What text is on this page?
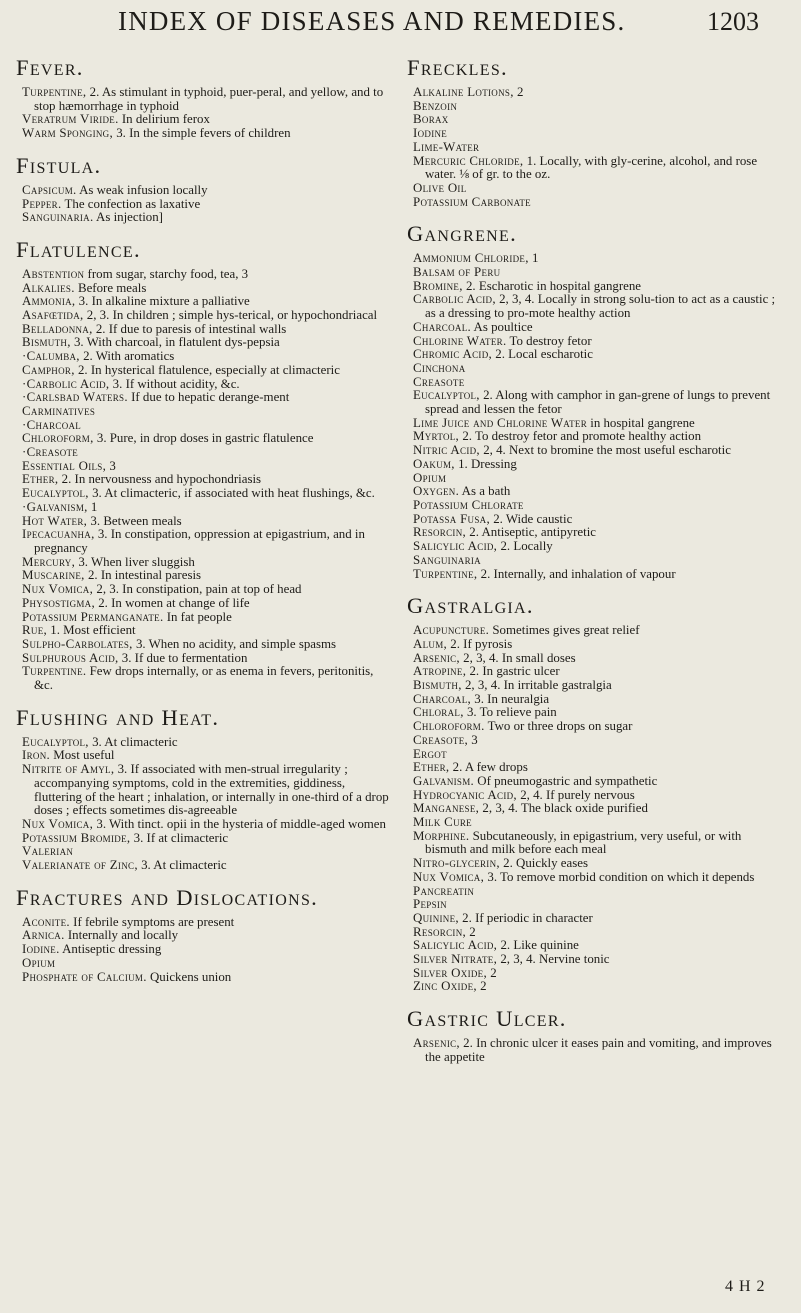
INDEX OF DISEASES AND REMEDIES.	1203
Fever.
Turpentine, 2. As stimulant in typhoid, puer-peral, and yellow, and to stop hæmorrhage in typhoid
Veratrum Viride. In delirium ferox
Warm Sponging, 3. In the simple fevers of children
Fistula.
Capsicum. As weak infusion locally
Pepper. The confection as laxative
Sanguinaria. As injection]
Flatulence.
Abstention from sugar, starchy food, tea, 3
Alkalies. Before meals
Ammonia, 3. In alkaline mixture a palliative
Asafœtida, 2, 3. In children ; simple hys-terical, or hypochondriacal
Belladonna, 2. If due to paresis of intestinal walls
Bismuth, 3. With charcoal, in flatulent dys-pepsia
·Calumba, 2. With aromatics
Camphor, 2. In hysterical flatulence, especially at climacteric
·Carbolic Acid, 3. If without acidity, &c.
·Carlsbad Waters. If due to hepatic derange-ment
Carminatives
·Charcoal
Chloroform, 3. Pure, in drop doses in gastric flatulence
·Creasote
Essential Oils, 3
Ether, 2. In nervousness and hypochondriasis
Eucalyptol, 3. At climacteric, if associated with heat flushings, &c.
·Galvanism, 1
Hot Water, 3. Between meals
Ipecacuanha, 3. In constipation, oppression at epigastrium, and in pregnancy
Mercury, 3. When liver sluggish
Muscarine, 2. In intestinal paresis
Nux Vomica, 2, 3. In constipation, pain at top of head
Physostigma, 2. In women at change of life
Potassium Permanganate. In fat people
Rue, 1. Most efficient
Sulpho-Carbolates, 3. When no acidity, and simple spasms
Sulphurous Acid, 3. If due to fermentation
Turpentine. Few drops internally, or as enema in fevers, peritonitis, &c.
Flushing and Heat.
Eucalyptol, 3. At climacteric
Iron. Most useful
Nitrite of Amyl, 3. If associated with men-strual irregularity ; accompanying symptoms, cold in the extremities, giddiness, fluttering of the heart ; inhalation, or internally in one-third of a drop doses ; effects sometimes dis-agreeable
Nux Vomica, 3. With tinct. opii in the hysteria of middle-aged women
Potassium Bromide, 3. If at climacteric
Valerian
Valerianate of Zinc, 3. At climacteric
Fractures and Dislocations.
Aconite. If febrile symptoms are present
Arnica. Internally and locally
Iodine. Antiseptic dressing
Opium
Phosphate of Calcium. Quickens union
Freckles.
Alkaline Lotions, 2
Benzoin
Borax
Iodine
Lime-Water
Mercuric Chloride, 1. Locally, with gly-cerine, alcohol, and rose water. ⅛ of gr. to the oz.
Olive Oil
Potassium Carbonate
Gangrene.
Ammonium Chloride, 1
Balsam of Peru
Bromine, 2. Escharotic in hospital gangrene
Carbolic Acid, 2, 3, 4. Locally in strong solu-tion to act as a caustic ; as a dressing to pro-mote healthy action
Charcoal. As poultice
Chlorine Water. To destroy fetor
Chromic Acid, 2. Local escharotic
Cinchona
Creasote
Eucalyptol, 2. Along with camphor in gan-grene of lungs to prevent spread and lessen the fetor
Lime Juice and Chlorine Water in hospital gangrene
Myrtol, 2. To destroy fetor and promote healthy action
Nitric Acid, 2, 4. Next to bromine the most useful escharotic
Oakum, 1. Dressing
Opium
Oxygen. As a bath
Potassium Chlorate
Potassa Fusa, 2. Wide caustic
Resorcin, 2. Antiseptic, antipyretic
Salicylic Acid, 2. Locally
Sanguinaria
Turpentine, 2. Internally, and inhalation of vapour
Gastralgia.
Acupuncture. Sometimes gives great relief
Alum, 2. If pyrosis
Arsenic, 2, 3, 4. In small doses
Atropine, 2. In gastric ulcer
Bismuth, 2, 3, 4. In irritable gastralgia
Charcoal, 3. In neuralgia
Chloral, 3. To relieve pain
Chloroform. Two or three drops on sugar
Creasote, 3
Ergot
Ether, 2. A few drops
Galvanism. Of pneumogastric and sympathetic
Hydrocyanic Acid, 2, 4. If purely nervous
Manganese, 2, 3, 4. The black oxide purified
Milk Cure
Morphine. Subcutaneously, in epigastrium, very useful, or with bismuth and milk before each meal
Nitro-glycerin, 2. Quickly eases
Nux Vomica, 3. To remove morbid condition on which it depends
Pancreatin
Pepsin
Quinine, 2. If periodic in character
Resorcin, 2
Salicylic Acid, 2. Like quinine
Silver Nitrate, 2, 3, 4. Nervine tonic
Silver Oxide, 2
Zinc Oxide, 2
Gastric Ulcer.
Arsenic, 2. In chronic ulcer it eases pain and vomiting, and improves the appetite
4 H 2
